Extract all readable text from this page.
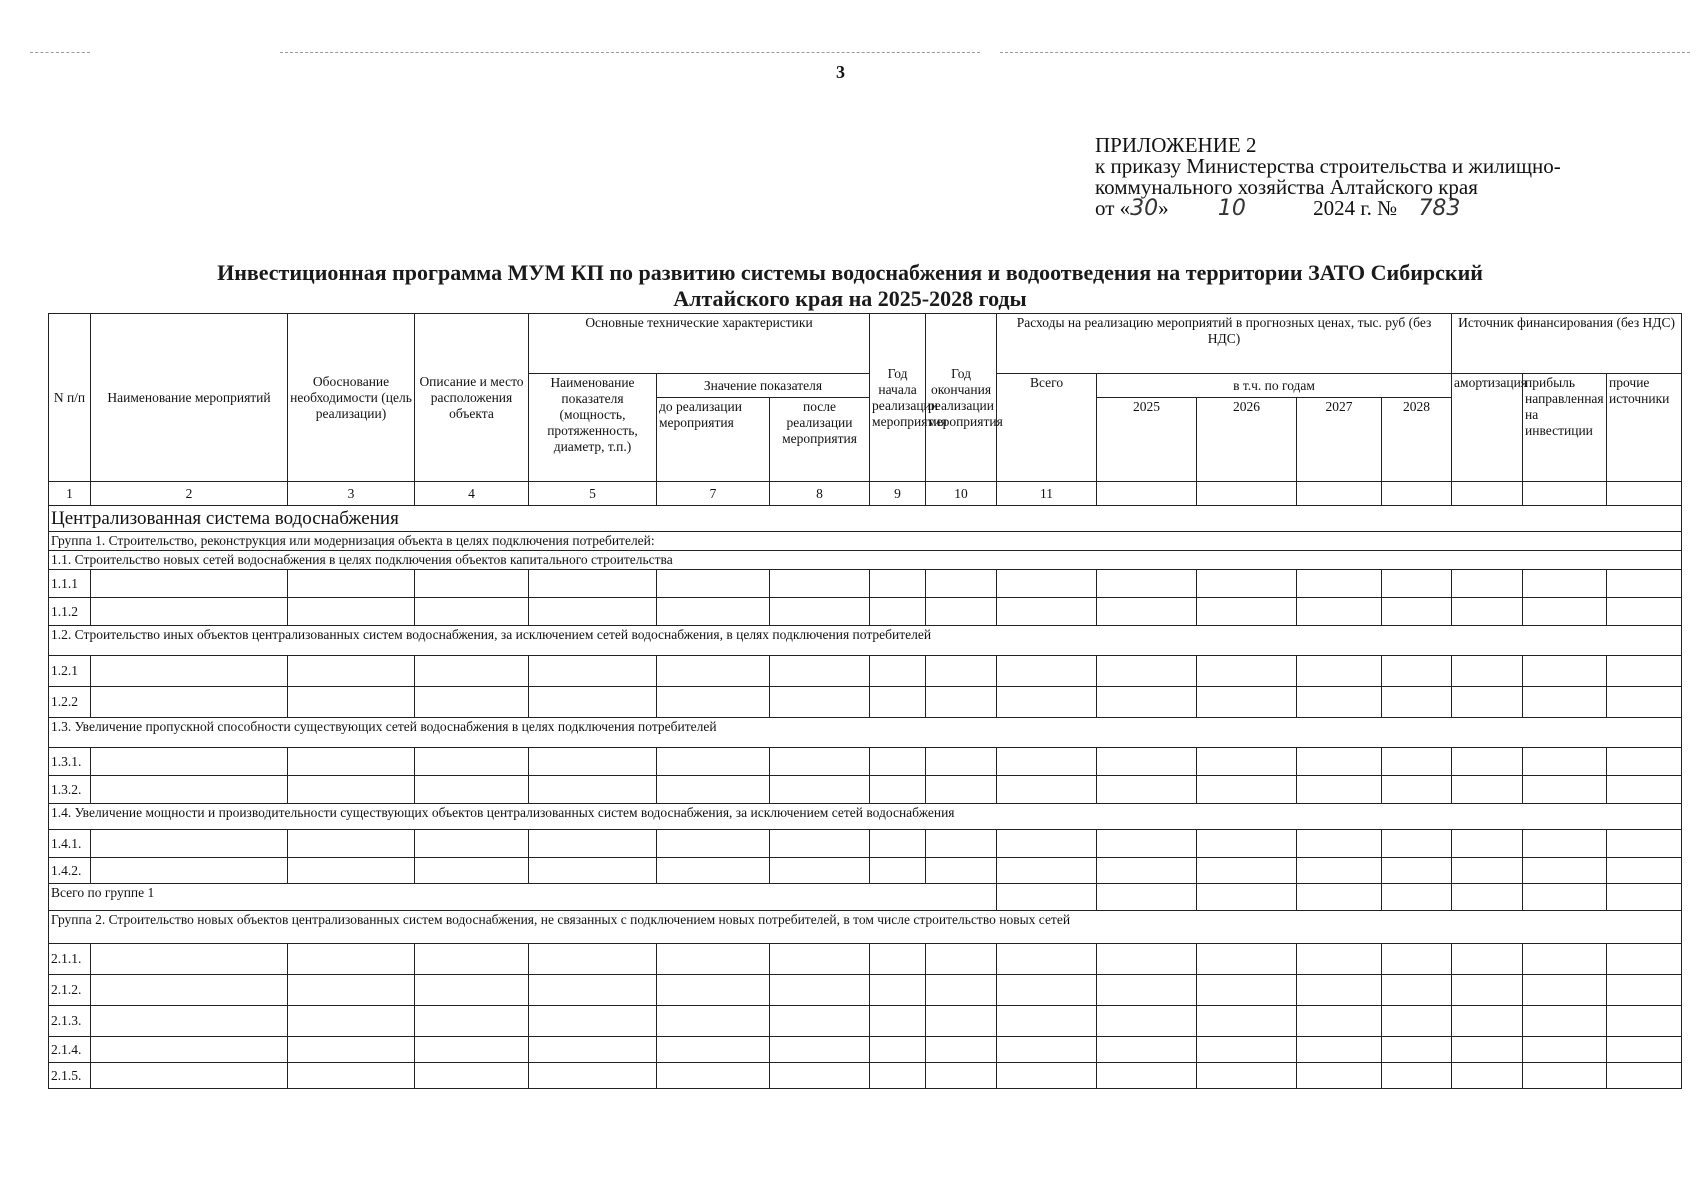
3
ПРИЛОЖЕНИЕ 2
к приказу Министерства строительства и жилищно-
коммунального хозяйства Алтайского края
от «30» 10	2024 г. № 783
Инвестиционная программа МУМ КП по развитию системы водоснабжения и водоотведения на территории ЗАТО Сибирский
Алтайского края на 2025-2028 годы
N п/п	Наименование мероприятий	Обоснование необходимости (цель реализации)	Описание и место расположения объекта	Основные технические характеристики			Год начала реализации мероприятия	Год окончания реализации мероприятия	Расходы на реализацию мероприятий в прогнозных ценах, тыс. руб (без НДС)					Источник финансирования (без НДС)		
				Наименование показателя (мощность, протяженность, диаметр, т.п.)	Значение показателя				Всего	в т.ч. по годам				амортизация	прибыль направленная на инвестиции	прочие источники
					до реализации мероприятия	после реализации мероприятия				2025	2026	2027	2028			
1	2	3	4	5	7	8	9	10	11							
Централизованная система водоснабжения																
Группа 1. Строительство, реконструкция или модернизация объекта в целях подключения потребителей:																
1.1. Строительство новых сетей водоснабжения в целях подключения объектов капитального строительства																
1.1.1																
1.1.2																
1.2. Строительство иных объектов централизованных систем водоснабжения, за исключением сетей водоснабжения, в целях подключения потребителей																
1.2.1																
1.2.2																
1.3. Увеличение пропускной способности существующих сетей водоснабжения в целях подключения потребителей																
1.3.1.																
1.3.2.																
1.4. Увеличение мощности и производительности существующих объектов централизованных систем водоснабжения, за исключением сетей водоснабжения																
1.4.1.																
1.4.2.																
Всего по группе 1																
Группа 2. Строительство новых объектов централизованных систем водоснабжения, не связанных с подключением новых потребителей, в том числе строительство новых сетей																
2.1.1.																
2.1.2.																
2.1.3.																
2.1.4.																
2.1.5.																
